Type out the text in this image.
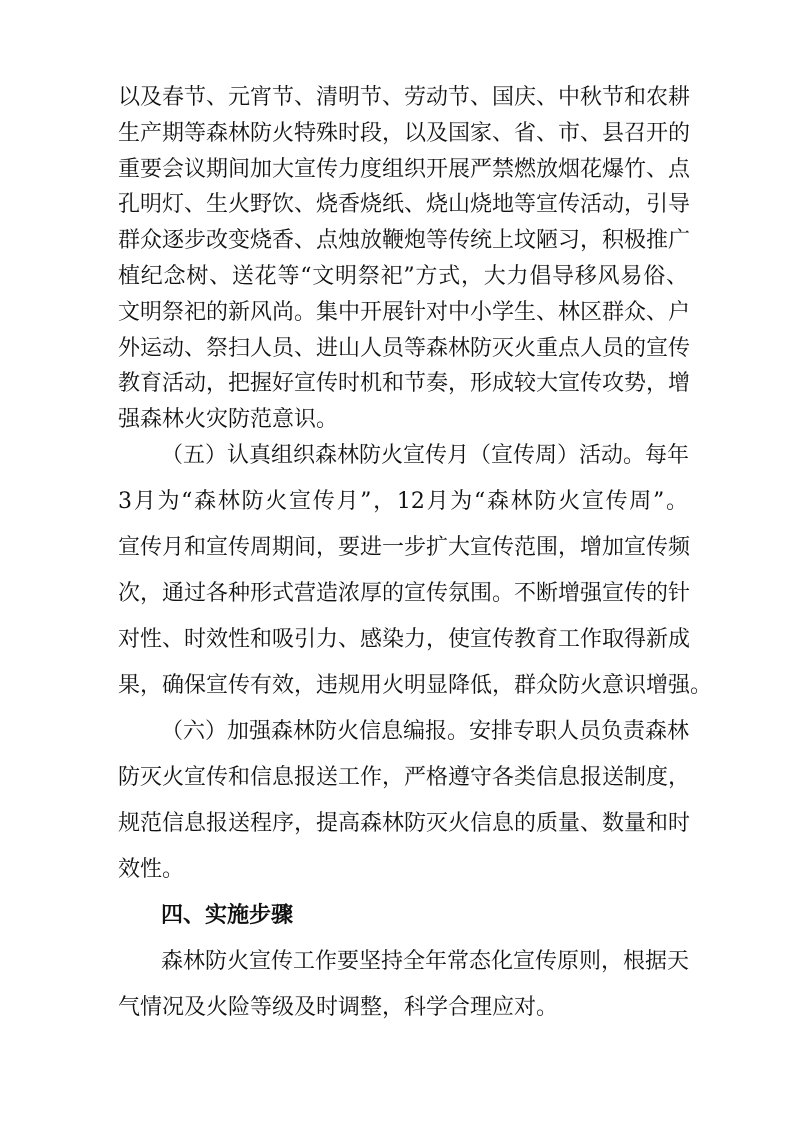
以及春节、元宵节、清明节、劳动节、国庆、中秋节和农耕
生产期等森林防火特殊时段，以及国家、省、市、县召开的
重要会议期间加大宣传力度组织开展严禁燃放烟花爆竹、点
孔明灯、生火野饮、烧香烧纸、烧山烧地等宣传活动，引导
群众逐步改变烧香、点烛放鞭炮等传统上坟陋习，积极推广
植纪念树、送花等“文明祭祀”方式，大力倡导移风易俗、
文明祭祀的新风尚。集中开展针对中小学生、林区群众、户
外运动、祭扫人员、进山人员等森林防灭火重点人员的宣传
教育活动，把握好宣传时机和节奏，形成较大宣传攻势，增
强森林火灾防范意识。
（五）认真组织森林防火宣传月（宣传周）活动。每年
3月为“森林防火宣传月”，12月为“森林防火宣传周”。
宣传月和宣传周期间，要进一步扩大宣传范围，增加宣传频
次，通过各种形式营造浓厚的宣传氛围。不断增强宣传的针
对性、时效性和吸引力、感染力，使宣传教育工作取得新成
果，确保宣传有效，违规用火明显降低，群众防火意识增强。
（六）加强森林防火信息编报。安排专职人员负责森林
防灭火宣传和信息报送工作，严格遵守各类信息报送制度，
规范信息报送程序，提高森林防灭火信息的质量、数量和时
效性。
四、实施步骤
森林防火宣传工作要坚持全年常态化宣传原则，根据天
气情况及火险等级及时调整，科学合理应对。
